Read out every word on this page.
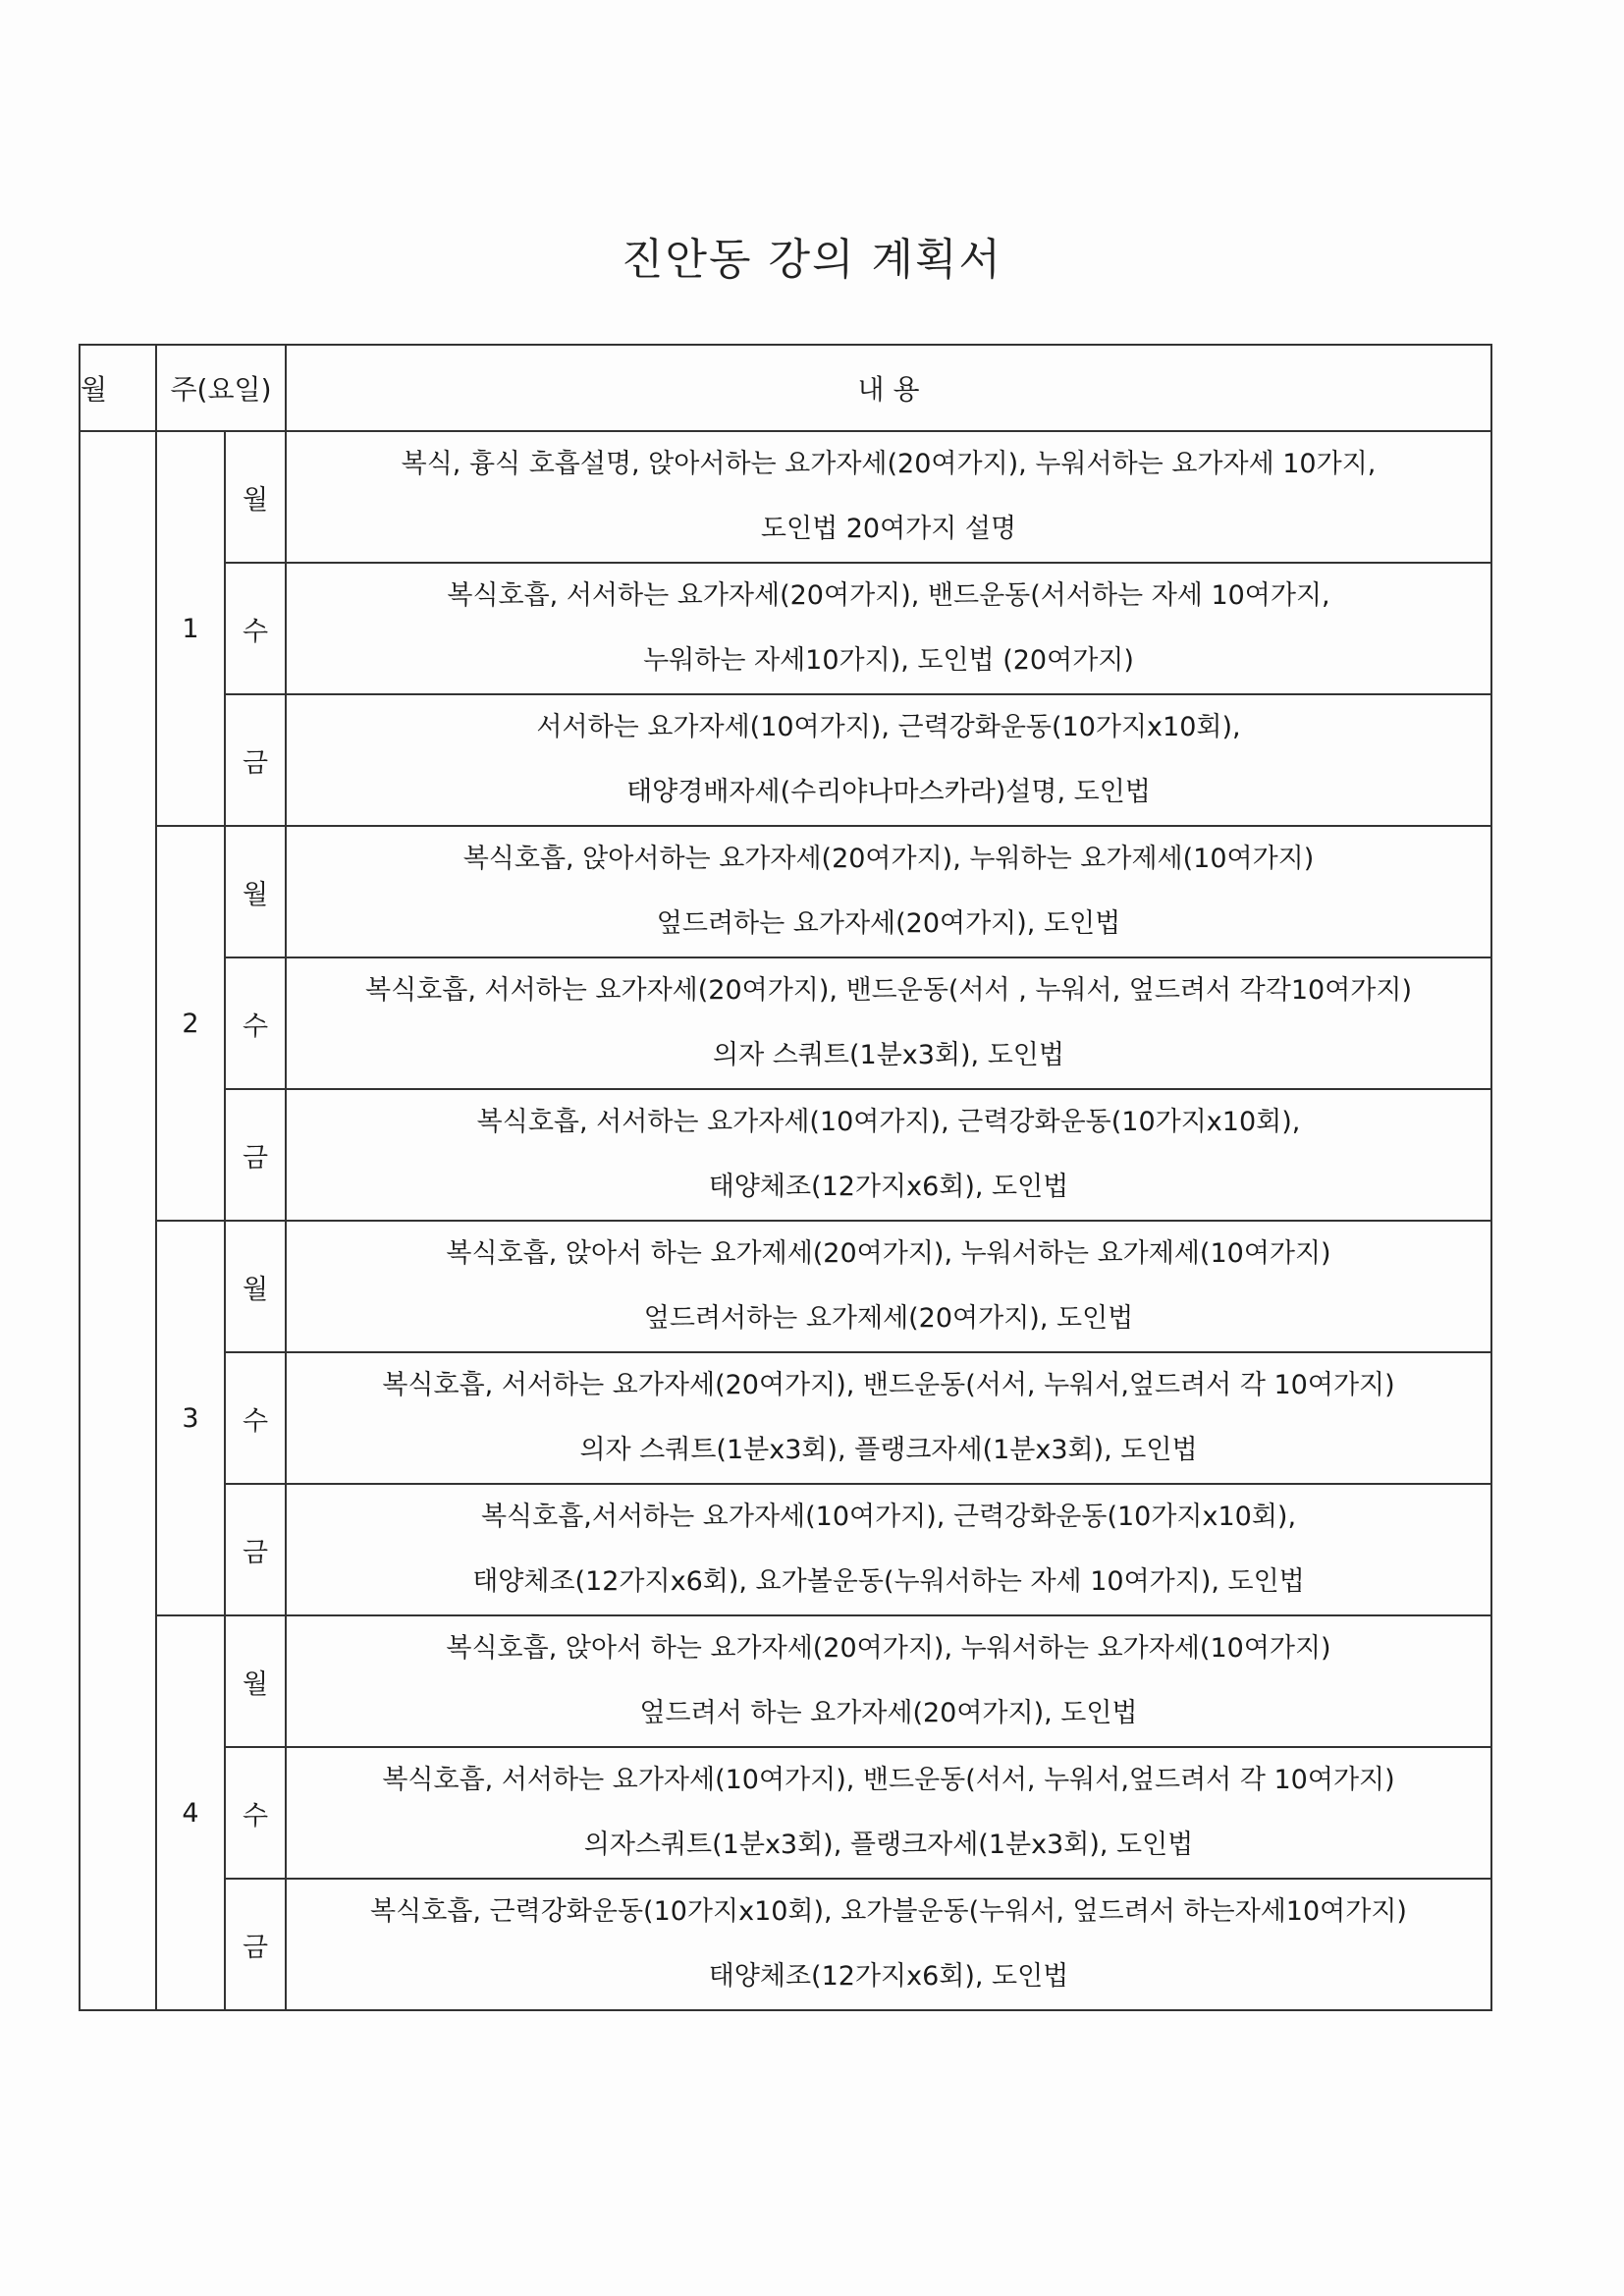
진안동 강의 계획서
월	주(요일)		내 용
	1	월	복식, 흉식 호흡설명, 앉아서하는 요가자세(20여가지), 누워서하는 요가자세 10가지,
도인법 20여가지 설명

		수	복식호흡, 서서하는 요가자세(20여가지), 밴드운동(서서하는 자세 10여가지,
누워하는 자세10가지), 도인법 (20여가지)

		금	서서하는 요가자세(10여가지), 근력강화운동(10가지x10회),
태양경배자세(수리야나마스카라)설명, 도인법

	2	월	복식호흡, 앉아서하는 요가자세(20여가지), 누워하는 요가제세(10여가지)
엎드려하는 요가자세(20여가지), 도인법

		수	복식호흡, 서서하는 요가자세(20여가지), 밴드운동(서서 , 누워서, 엎드려서 각각10여가지)
의자 스쿼트(1분x3회), 도인법

		금	복식호흡, 서서하는 요가자세(10여가지), 근력강화운동(10가지x10회),
태양체조(12가지x6회), 도인법

	3	월	복식호흡, 앉아서 하는 요가제세(20여가지), 누워서하는 요가제세(10여가지)
엎드려서하는 요가제세(20여가지), 도인법

		수	복식호흡, 서서하는 요가자세(20여가지), 밴드운동(서서, 누워서,엎드려서 각 10여가지)
의자 스쿼트(1분x3회), 플랭크자세(1분x3회), 도인법

		금	복식호흡,서서하는 요가자세(10여가지), 근력강화운동(10가지x10회),
태양체조(12가지x6회), 요가볼운동(누워서하는 자세 10여가지), 도인법

	4	월	복식호흡, 앉아서 하는 요가자세(20여가지), 누워서하는 요가자세(10여가지)
엎드려서 하는 요가자세(20여가지), 도인법

		수	복식호흡, 서서하는 요가자세(10여가지), 밴드운동(서서, 누워서,엎드려서 각 10여가지)
의자스쿼트(1분x3회), 플랭크자세(1분x3회), 도인법

		금	복식호흡, 근력강화운동(10가지x10회), 요가블운동(누워서, 엎드려서 하는자세10여가지)
태양체조(12가지x6회), 도인법
